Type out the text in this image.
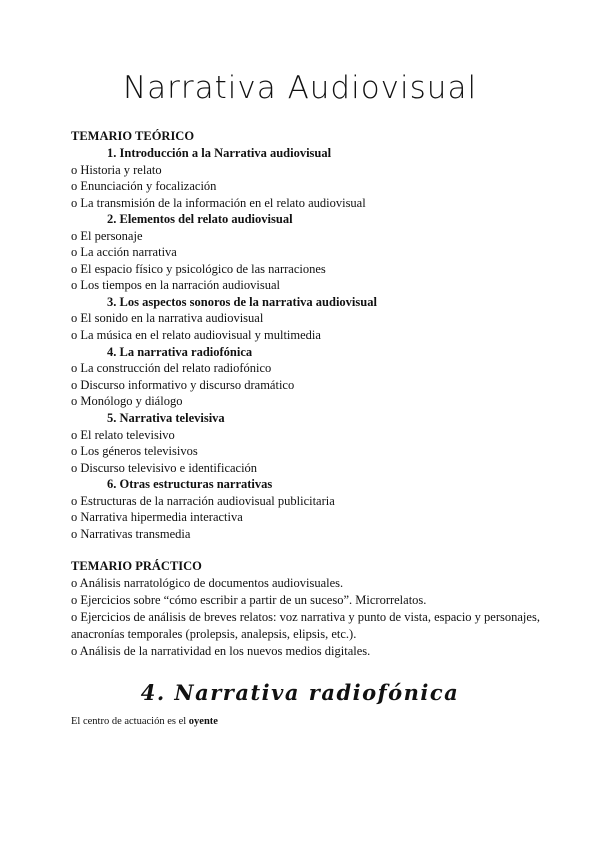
Narrativa Audiovisual
TEMARIO TEÓRICO
1. Introducción a la Narrativa audiovisual
o Historia y relato
o Enunciación y focalización
o La transmisión de la información en el relato audiovisual
2. Elementos del relato audiovisual
o El personaje
o La acción narrativa
o El espacio físico y psicológico de las narraciones
o Los tiempos en la narración audiovisual
3. Los aspectos sonoros de la narrativa audiovisual
o El sonido en la narrativa audiovisual
o La música en el relato audiovisual y multimedia
4. La narrativa radiofónica
o La construcción del relato radiofónico
o Discurso informativo y discurso dramático
o Monólogo y diálogo
5. Narrativa televisiva
o El relato televisivo
o Los géneros televisivos
o Discurso televisivo e identificación
6. Otras estructuras narrativas
o Estructuras de la narración audiovisual publicitaria
o Narrativa hipermedia interactiva
o Narrativas transmedia
TEMARIO PRÁCTICO
o Análisis narratológico de documentos audiovisuales.
o Ejercicios sobre “cómo escribir a partir de un suceso”. Microrrelatos.
o Ejercicios de análisis de breves relatos: voz narrativa y punto de vista, espacio y personajes,
anacronías temporales (prolepsis, analepsis, elipsis, etc.).
o Análisis de la narratividad en los nuevos medios digitales.
4. Narrativa radiofónica
El centro de actuación es el oyente
